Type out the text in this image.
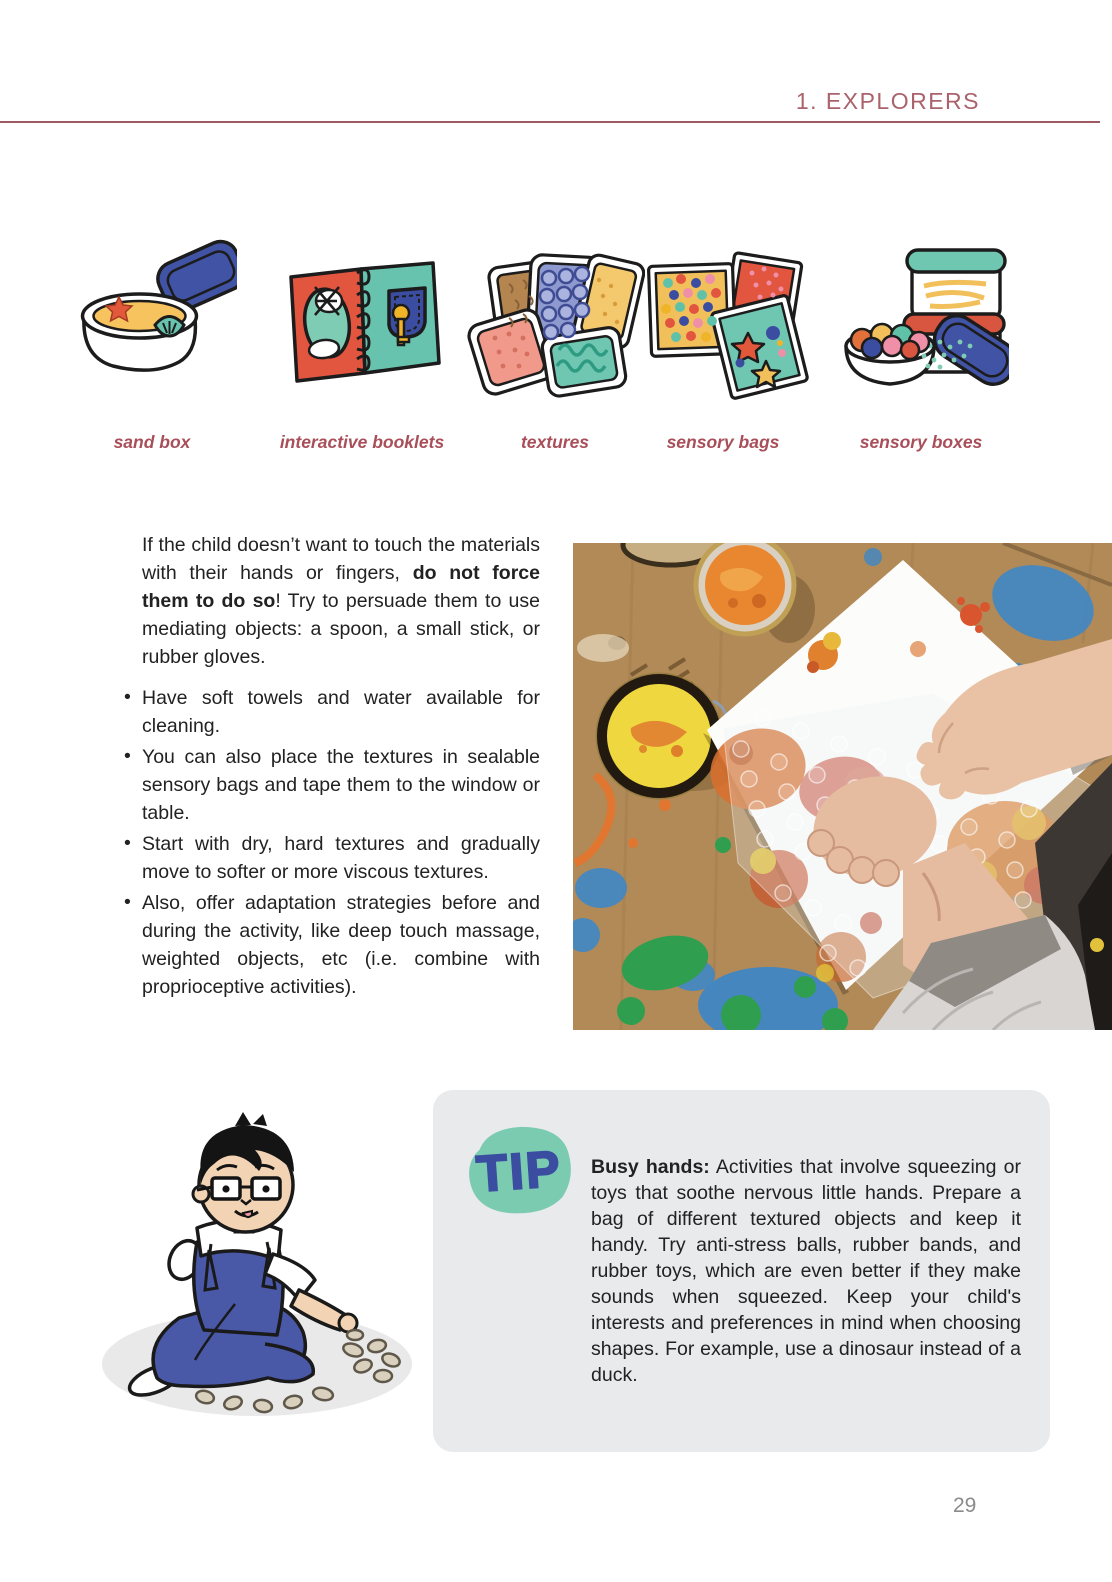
1. EXPLORERS
sand box	interactive booklets	textures	sensory bags	sensory boxes

If the child doesn’t want to touch the materials with their hands or fingers, do not force them to do so! Try to persuade them to use mediating objects: a spoon, a small stick, or rubber gloves.

• Have soft towels and water available for cleaning.
• You can also place the textures in sealable sensory bags and tape them to the window or table.
• Start with dry, hard textures and gradually move to softer or more viscous textures.
• Also, offer adaptation strategies before and during the activity, like deep touch massage, weighted objects, etc (i.e. combine with proprioceptive activities).
TIP Busy hands: Activities that involve squeezing or toys that soothe nervous little hands. Prepare a bag of different textured objects and keep it handy. Try anti-stress balls, rubber bands, and rubber toys, which are even better if they make sounds when squeezed. Keep your child's interests and preferences in mind when choosing shapes. For example, use a dinosaur instead of a duck.
29
